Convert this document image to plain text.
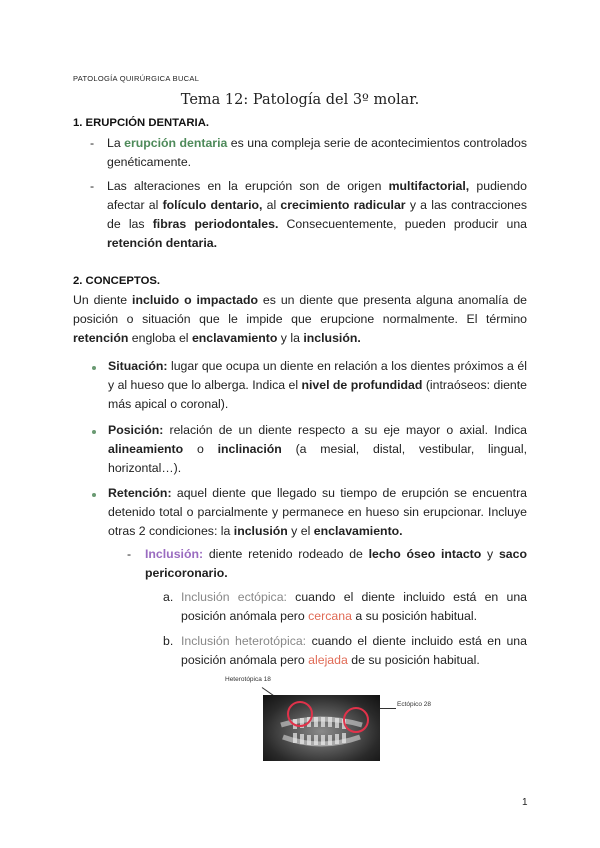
PATOLOGÍA QUIRÚRGICA BUCAL
Tema 12: Patología del 3º molar.
1. ERUPCIÓN DENTARIA.
- La erupción dentaria es una compleja serie de acontecimientos controlados genéticamente.
- Las alteraciones en la erupción son de origen multifactorial, pudiendo afectar al folículo dentario, al crecimiento radicular y a las contracciones de las fibras periodontales. Consecuentemente, pueden producir una retención dentaria.
2. CONCEPTOS.
Un diente incluido o impactado es un diente que presenta alguna anomalía de posición o situación que le impide que erupcione normalmente. El término retención engloba el enclavamiento y la inclusión.
Situación: lugar que ocupa un diente en relación a los dientes próximos a él y al hueso que lo alberga. Indica el nivel de profundidad (intraóseos: diente más apical o coronal).
Posición: relación de un diente respecto a su eje mayor o axial. Indica alineamiento o inclinación (a mesial, distal, vestibular, lingual, horizontal…).
Retención: aquel diente que llegado su tiempo de erupción se encuentra detenido total o parcialmente y permanece en hueso sin erupcionar. Incluye otras 2 condiciones: la inclusión y el enclavamiento.
- Inclusión: diente retenido rodeado de lecho óseo intacto y saco pericoronario.
a. Inclusión ectópica: cuando el diente incluido está en una posición anómala pero cercana a su posición habitual.
b. Inclusión heterotópica: cuando el diente incluido está en una posición anómala pero alejada de su posición habitual.
Heterotópica 18
Ectópico 28
1
